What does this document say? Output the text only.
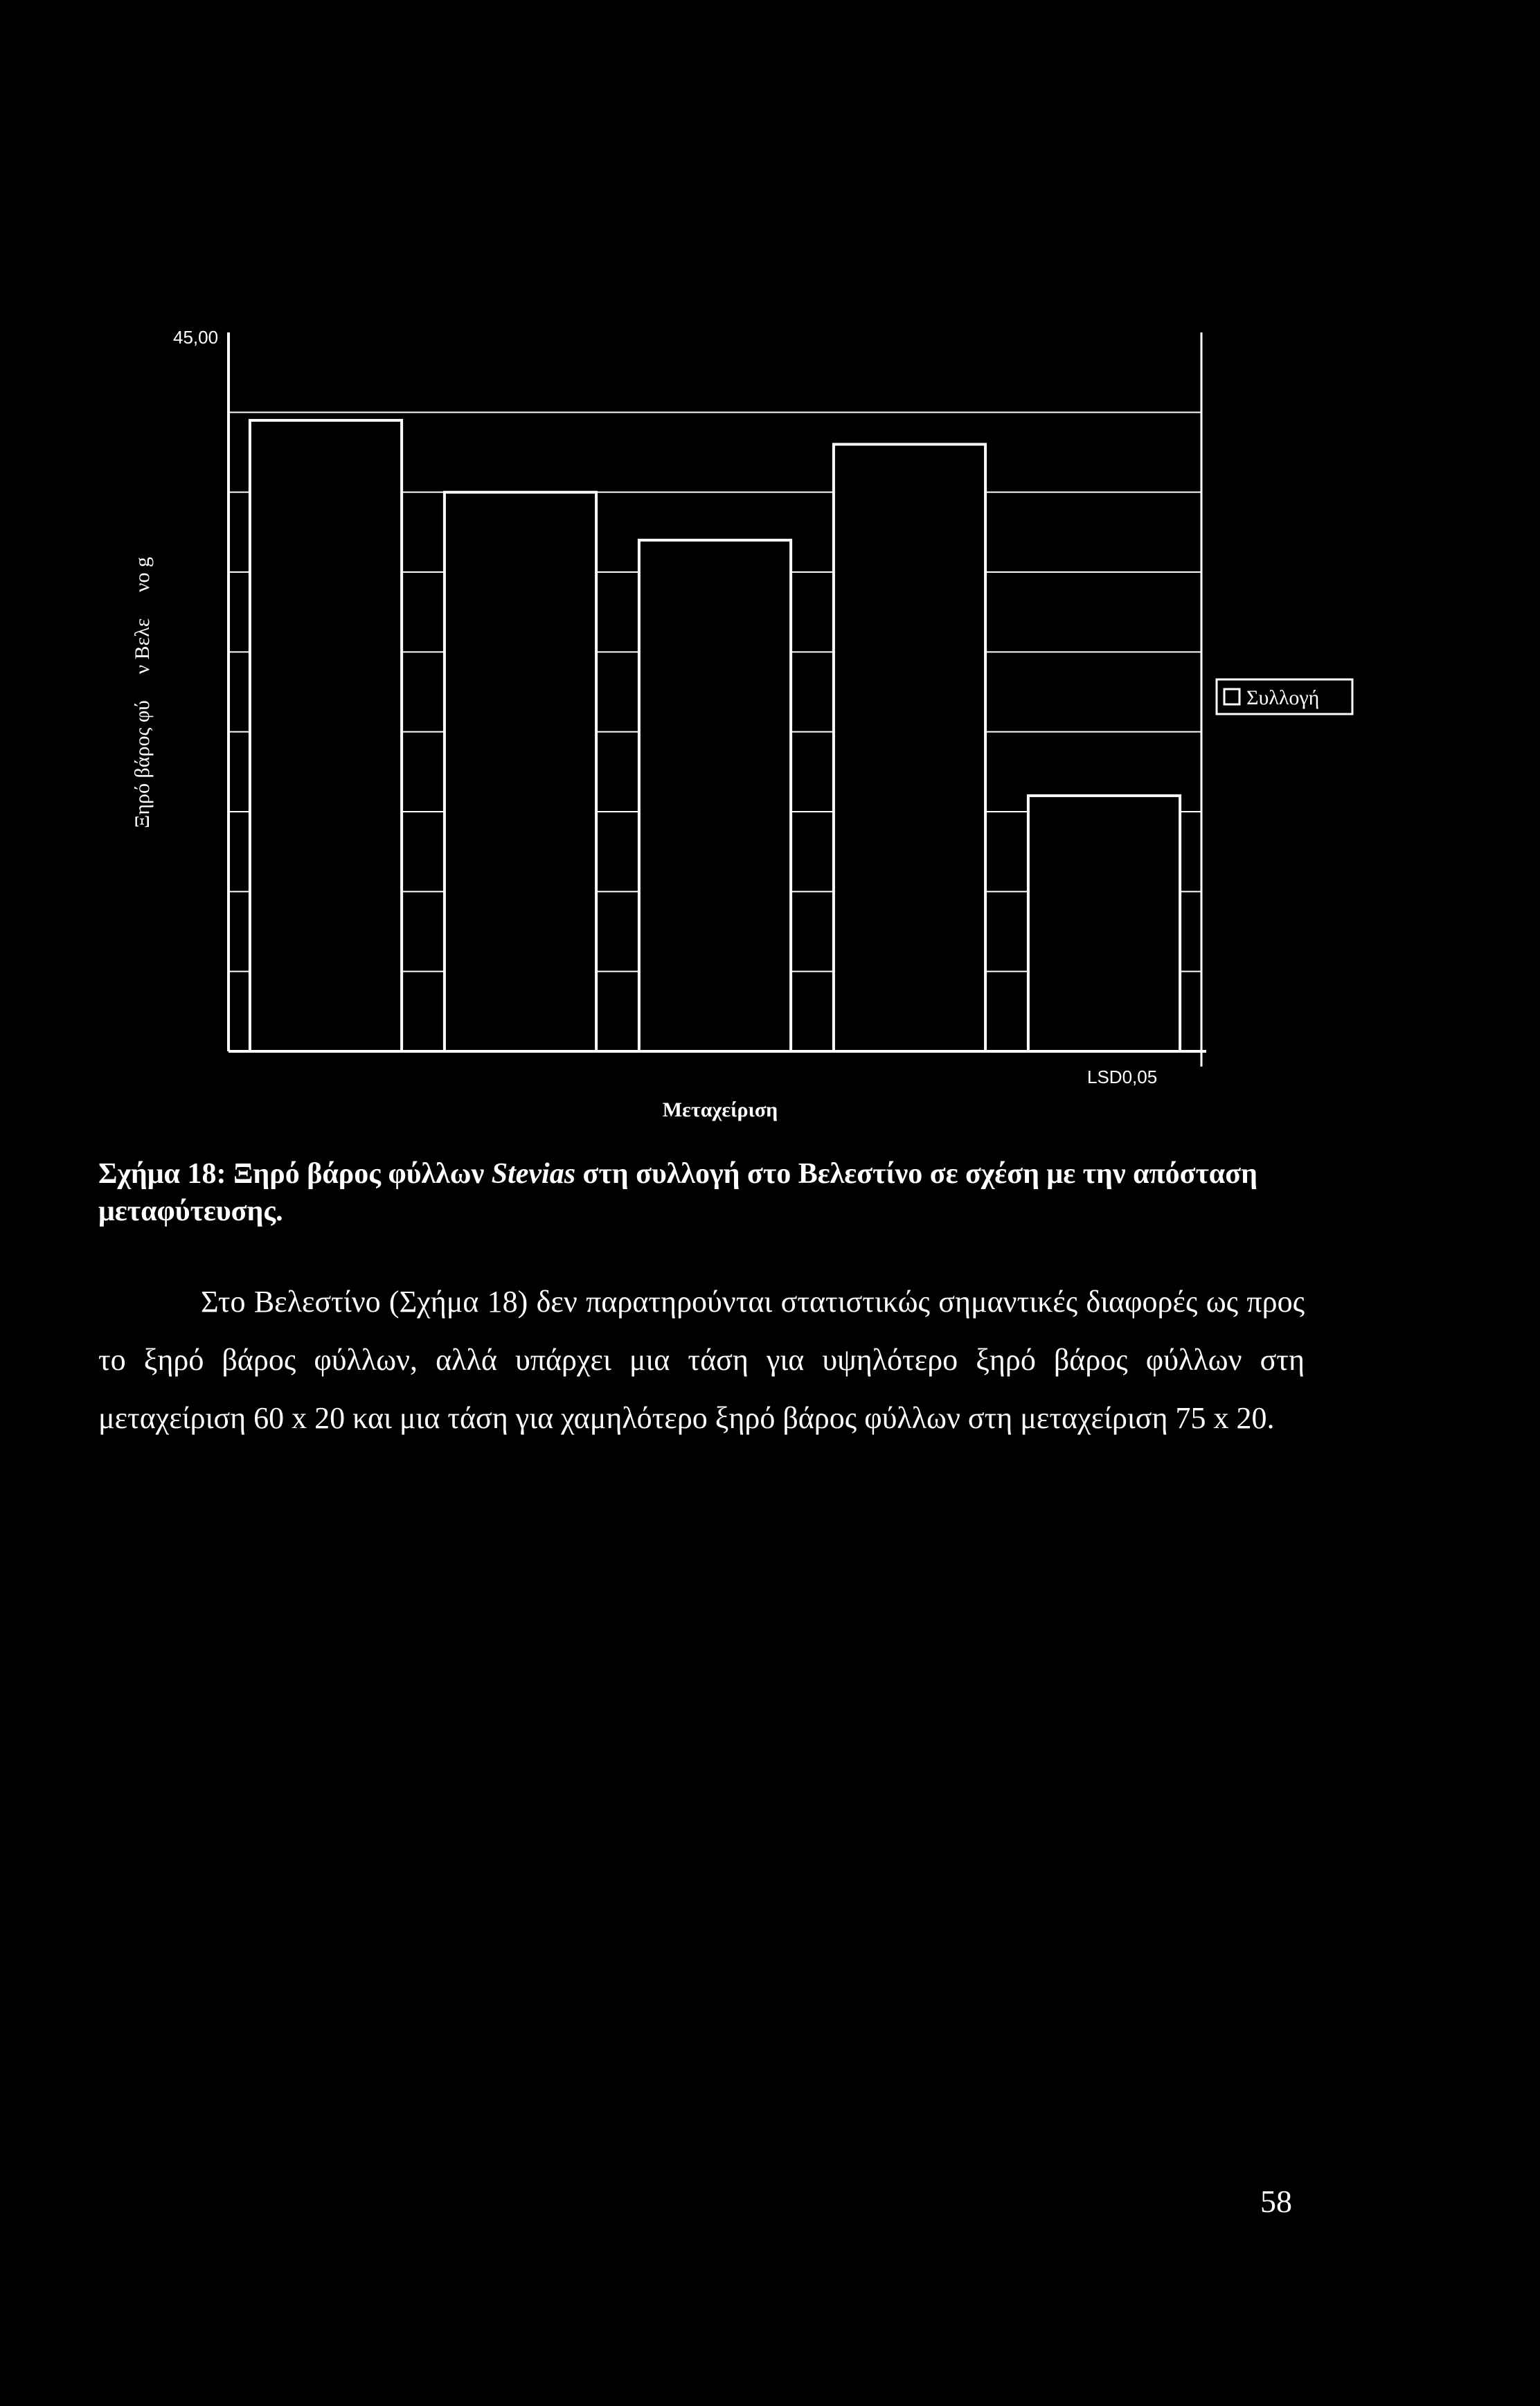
45,00
Ξηρό βάρος φύ     ν Βελε     νο g
Μεταχείριση
LSD0,05
Συλλογή
Σχήμα 18: Ξηρό βάρος φύλλων Stevias στη συλλογή στο Βελεστίνο σε σχέση με την απόσταση μεταφύτευσης.

Στο Βελεστίνο (Σχήμα 18) δεν παρατηρούνται στατιστικώς σημαντικές διαφορές ως προς το ξηρό βάρος φύλλων, αλλά υπάρχει μια τάση για υψηλότερο ξηρό βάρος φύλλων στη μεταχείριση 60 x 20 και μια τάση για χαμηλότερο ξηρό βάρος φύλλων στη μεταχείριση 75 x 20.

58
